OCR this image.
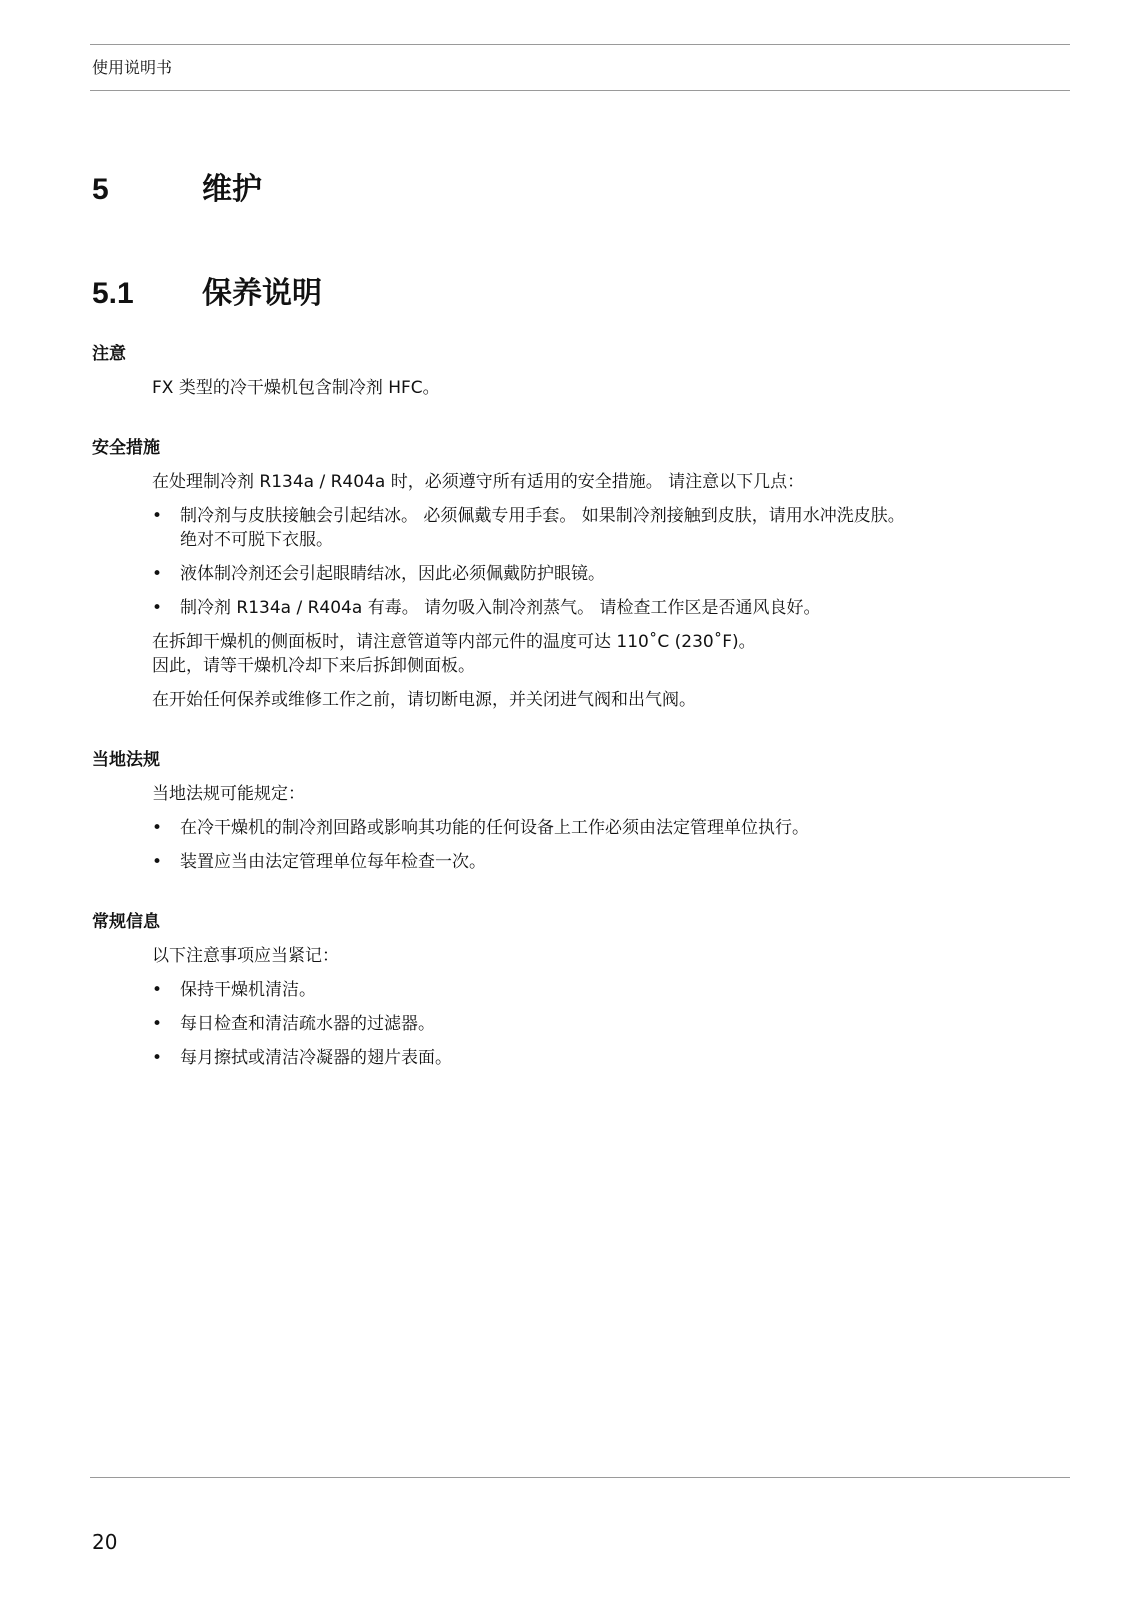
使用说明书
5	维护
5.1 保养说明
注意
FX 类型的冷干燥机包含制冷剂 HFC。
安全措施
在处理制冷剂 R134a / R404a 时，必须遵守所有适用的安全措施。 请注意以下几点：
• 制冷剂与皮肤接触会引起结冰。 必须佩戴专用手套。 如果制冷剂接触到皮肤，请用水冲洗皮肤。
绝对不可脱下衣服。
• 液体制冷剂还会引起眼睛结冰，因此必须佩戴防护眼镜。
• 制冷剂 R134a / R404a 有毒。 请勿吸入制冷剂蒸气。 请检查工作区是否通风良好。
在拆卸干燥机的侧面板时，请注意管道等内部元件的温度可达 110˚C (230˚F)。
因此，请等干燥机冷却下来后拆卸侧面板。
在开始任何保养或维修工作之前，请切断电源，并关闭进气阀和出气阀。
当地法规
当地法规可能规定：
• 在冷干燥机的制冷剂回路或影响其功能的任何设备上工作必须由法定管理单位执行。
• 装置应当由法定管理单位每年检查一次。
常规信息
以下注意事项应当紧记：
• 保持干燥机清洁。
• 每日检查和清洁疏水器的过滤器。
• 每月擦拭或清洁冷凝器的翅片表面。
20
